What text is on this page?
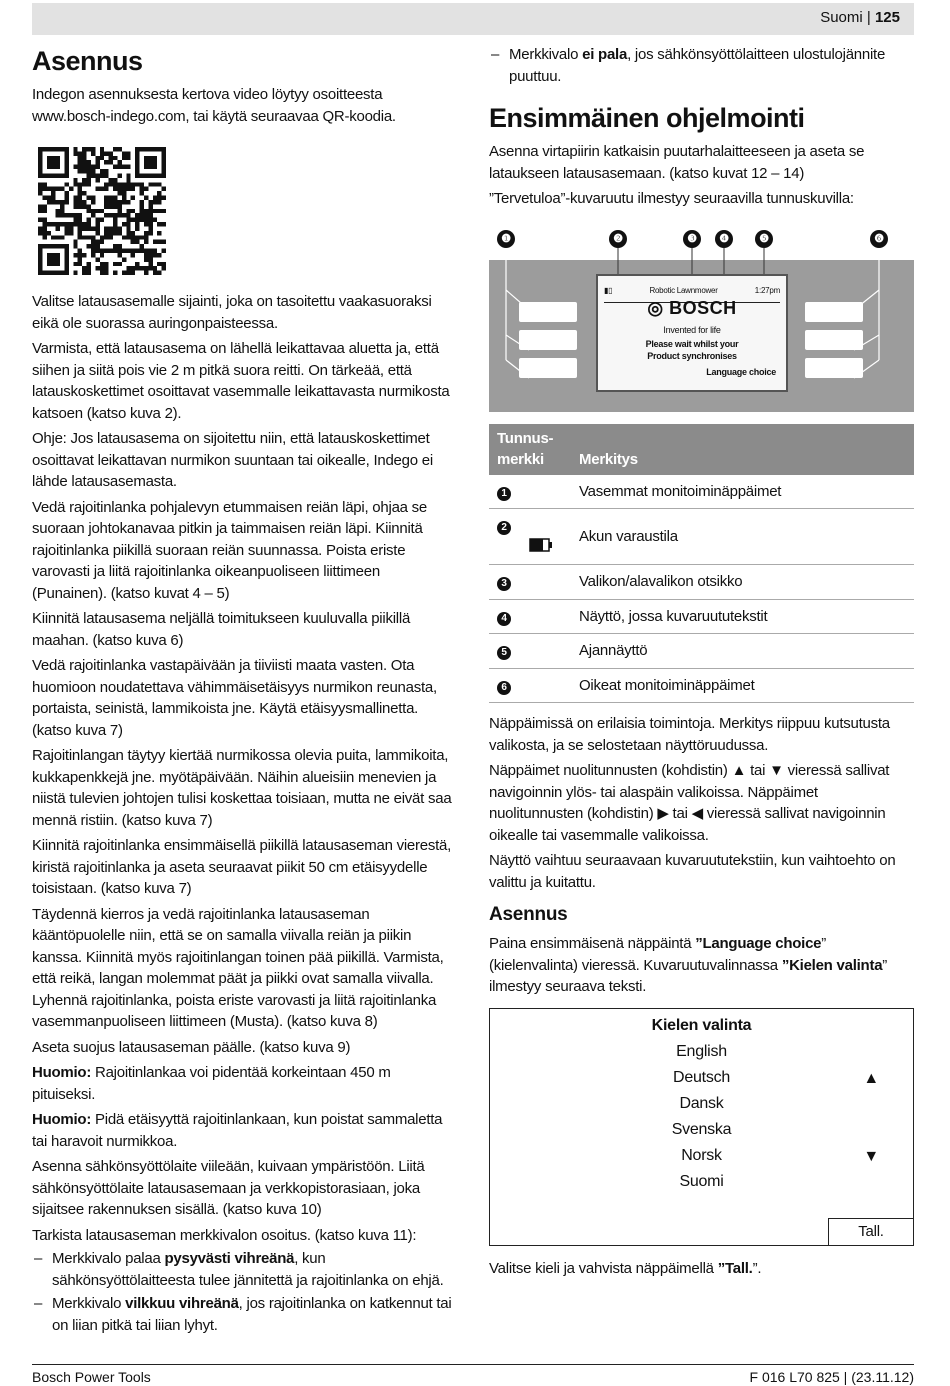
Suomi | 125
Asennus

Indegon asennuksesta kertova video löytyy osoitteesta www.bosch-indego.com, tai käytä seuraavaa QR-koodia.

Valitse latausasemalle sijainti, joka on tasoitettu vaakasuoraksi eikä ole suorassa auringonpaisteessa.

Varmista, että latausasema on lähellä leikattavaa aluetta ja, että siihen ja siitä pois vie 2 m pitkä suora reitti. On tärkeää, että latauskoskettimet osoittavat vasemmalle leikattavasta nurmikosta katsoen (katso kuva 2).

Ohje: Jos latausasema on sijoitettu niin, että latauskoskettimet osoittavat leikattavan nurmikon suuntaan tai oikealle, Indego ei lähde latausasemasta.

Vedä rajoitinlanka pohjalevyn etummaisen reiän läpi, ohjaa se suoraan johtokanavaa pitkin ja taimmaisen reiän läpi. Kiinnitä rajoitinlanka piikillä suoraan reiän suunnassa. Poista eriste varovasti ja liitä rajoitinlanka oikeanpuoliseen liittimeen (Punainen). (katso kuvat 4 – 5)

Kiinnitä latausasema neljällä toimitukseen kuuluvalla piikillä maahan. (katso kuva 6)

Vedä rajoitinlanka vastapäivään ja tiiviisti maata vasten. Ota huomioon noudatettava vähimmäisetäisyys nurmikon reunasta, portaista, seinistä, lammikoista jne. Käytä etäisyysmallinetta. (katso kuva 7)

Rajoitinlangan täytyy kiertää nurmikossa olevia puita, lammikoita, kukkapenkkejä jne. myötäpäivään. Näihin alueisiin menevien ja niistä tulevien johtojen tulisi koskettaa toisiaan, mutta ne eivät saa mennä ristiin. (katso kuva 7)

Kiinnitä rajoitinlanka ensimmäisellä piikillä latausaseman vierestä, kiristä rajoitinlanka ja aseta seuraavat piikit 50 cm etäisyydelle toisistaan. (katso kuva 7)

Täydennä kierros ja vedä rajoitinlanka latausaseman kääntöpuolelle niin, että se on samalla viivalla reiän ja piikin kanssa. Kiinnitä myös rajoitinlangan toinen pää piikillä. Varmista, että reikä, langan molemmat päät ja piikki ovat samalla viivalla. Lyhennä rajoitinlanka, poista eriste varovasti ja liitä rajoitinlanka vasemmanpuoliseen liittimeen (Musta). (katso kuva 8)

Aseta suojus latausaseman päälle. (katso kuva 9)

Huomio: Rajoitinlankaa voi pidentää korkeintaan 450 m pituiseksi.

Huomio: Pidä etäisyyttä rajoitinlankaan, kun poistat sammaletta tai haravoit nurmikkoa.

Asenna sähkönsyöttölaite viileään, kuivaan ympäristöön. Liitä sähkönsyöttölaite latausasemaan ja verkkopistorasiaan, joka sijaitsee rakennuksen sisällä. (katso kuva 10)

Tarkista latausaseman merkkivalon osoitus. (katso kuva 11):

– Merkkivalo palaa pysyvästi vihreänä, kun sähkönsyöttölaitteesta tulee jännitettä ja rajoitinlanka on ehjä.
– Merkkivalo vilkkuu vihreänä, jos rajoitinlanka on katkennut tai on liian pitkä tai liian lyhyt.
– Merkkivalo ei pala, jos sähkönsyöttölaitteen ulostulojännite puuttuu.
Ensimmäinen ohjelmointi

Asenna virtapiirin katkaisin puutarhalaitteeseen ja aseta se lataukseen latausasemaan. (katso kuvat 12 – 14)

”Tervetuloa”-kuvaruutu ilmestyy seuraavilla tunnuskuvilla:

❶	❷	❸	❹	❺	❻
▮▯	Robotic Lawnmower	1:27pm
◎ BOSCH
Invented for life
Please wait whilst your
Product synchronises
Language choice
Tunnus-
merkki	Merkitys
1	Vasemmat monitoiminäppäimet
2	Akun varaustila
3	Valikon/alavalikon otsikko
4	Näyttö, jossa kuvaruututekstit
5	Ajannäyttö
6	Oikeat monitoiminäppäimet

Näppäimissä on erilaisia toimintoja. Merkitys riippuu kutsutusta valikosta, ja se selostetaan näyttöruudussa.

Näppäimet nuolitunnusten (kohdistin) ▲ tai ▼ vieressä sallivat navigoinnin ylös- tai alaspäin valikoissa. Näppäimet nuolitunnusten (kohdistin) ▶ tai ◀ vieressä sallivat navigoinnin oikealle tai vasemmalle valikoissa.

Näyttö vaihtuu seuraavaan kuvaruututekstiin, kun vaihtoehto on valittu ja kuitattu.

Asennus

Paina ensimmäisenä näppäintä ”Language choice” (kielenvalinta) vieressä. Kuvaruutuvalinnassa ”Kielen valinta” ilmestyy seuraava teksti.

Kielen valinta
English
Deutsch
Dansk
Svenska
Norsk
Suomi
▲
▼
Tall.

Valitse kieli ja vahvista näppäimellä ”Tall.”.

Bosch Power Tools	F 016 L70 825 | (23.11.12)
